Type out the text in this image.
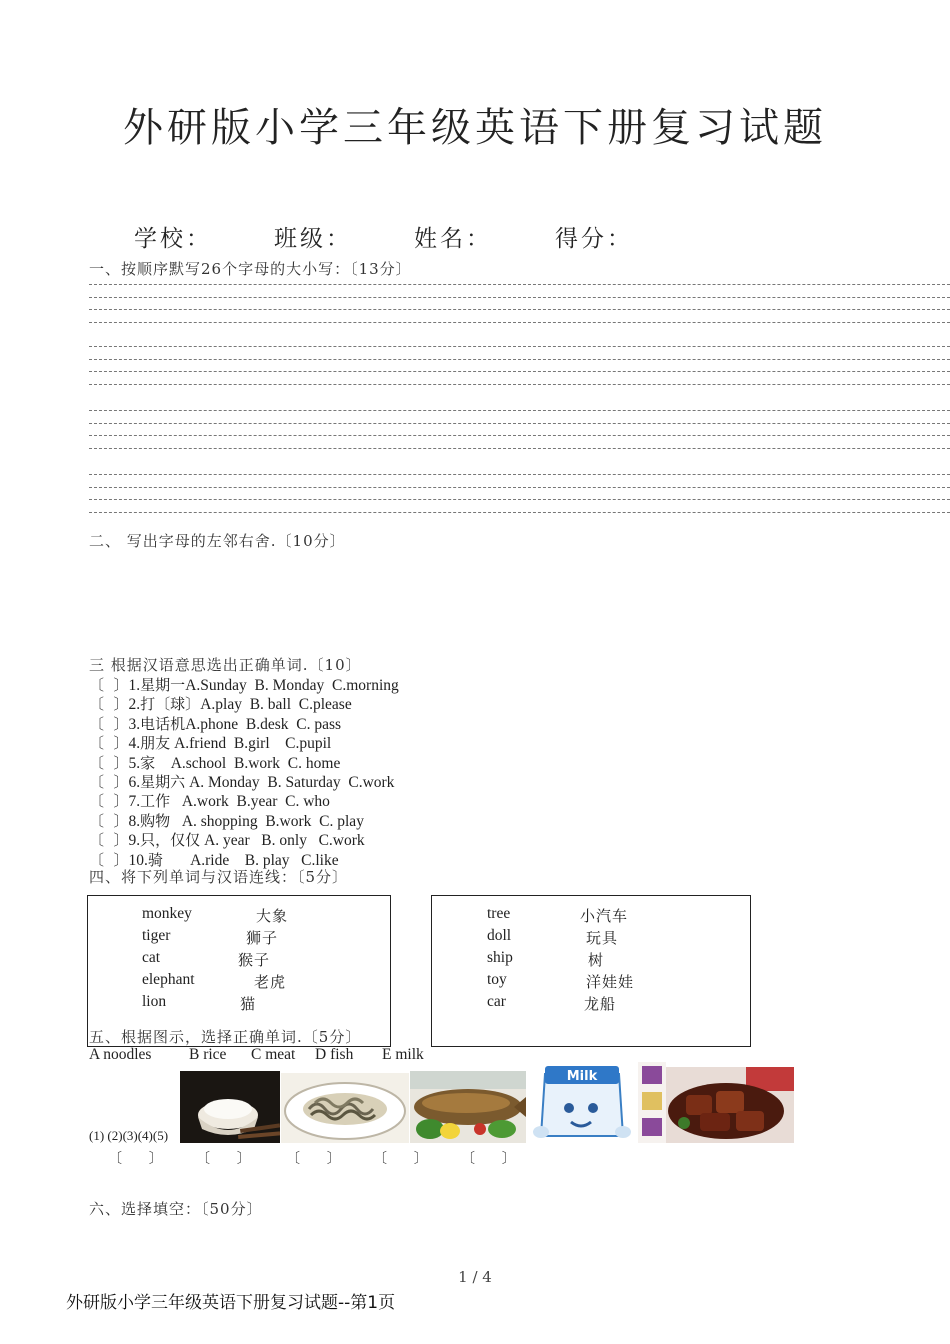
外研版小学三年级英语下册复习试题
学校：	班级：	姓名：	得分：
一、按顺序默写26个字母的大小写：〔13分〕
二、 写出字母的左邻右舍.〔10分〕
三 根据汉语意思选出正确单词.〔10〕
〔  〕1.星期一A.Sunday  B. Monday  C.morning
〔  〕2.打〔球〕A.play  B. ball  C.please
〔  〕3.电话机A.phone  B.desk  C. pass
〔  〕4.朋友 A.friend  B.girl    C.pupil
〔  〕5.家    A.school  B.work  C. home
〔  〕6.星期六 A. Monday  B. Saturday  C.work
〔  〕7.工作   A.work  B.year  C. who
〔  〕8.购物   A. shopping  B.work  C. play
〔  〕9.只，仅仅 A. year   B. only   C.work
〔  〕10.骑       A.ride    B. play   C.like
四、将下列单词与汉语连线：〔5分〕
monkey
tiger
cat
elephant
lion
大象
狮子
猴子
老虎
猫
tree
doll
ship
toy
car
小汽车
玩具
树
洋娃娃
龙船
五、根据图示，选择正确单词.〔5分〕
A noodles B rice C meat D fish E milk
Milk
(1) (2)(3)(4)(5)
〔      〕 〔      〕	〔      〕 〔      〕 〔      〕
六、选择填空：〔50分〕
1 / 4
外研版小学三年级英语下册复习试题--第1页
